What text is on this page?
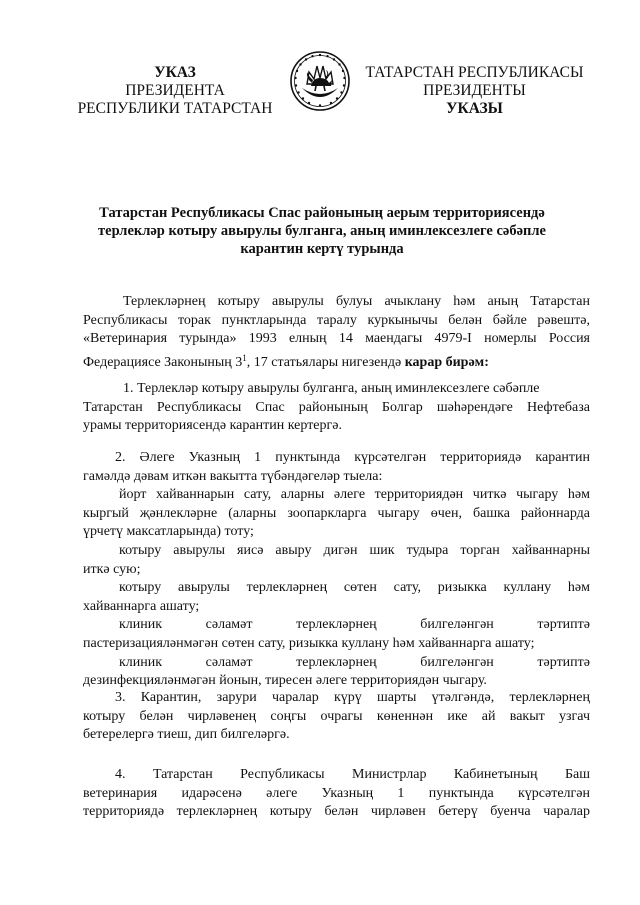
УКАЗ
ПРЕЗИДЕНТА
РЕСПУБЛИКИ ТАТАРСТАН
ТАТАРСТАН РЕСПУБЛИКАСЫ
ПРЕЗИДЕНТЫ
УКАЗЫ
Татарстан Республикасы Спас районының аерым территориясендә
терлекләр котыру авырулы булганга, аның иминлексезлеге сәбәпле
карантин кертү турында
Терлекләрнең котыру авырулы булуы ачыклану һәм аның Татарстан
Республикасы торак пунктларында таралу куркынычы белән бәйле рәвештә,
«Ветеринария турында» 1993 елның 14 маендагы 4979-I номерлы Россия
Федерациясе Законының $3^1$, 17 статьялары нигезендә карар бирәм:
1. Терлекләр котыру авырулы булганга, аның иминлексезлеге сәбәпле
Татарстан Республикасы Спас районының Болгар шәһәрендәге Нефтебаза
урамы территориясендә карантин кертергә.
2. Әлеге Указның 1 пунктында күрсәтелгән территориядә карантин
гамәлдә дәвам иткән вакытта түбәндәгеләр тыела:
йорт хайваннарын сату, аларны әлеге территориядән читкә чыгару һәм
кыргый җәнлекләрне (аларны зоопаркларга чыгару өчен, башка районнарда
үрчетү максатларында) тоту;
котыру авырулы яисә авыру дигән шик тудыра торган хайваннарны
иткә сую;
котыру авырулы терлекләрнең сөтен сату, ризыкка куллану һәм
хайваннарга ашату;
клиник сәламәт терлекләрнең билгеләнгән тәртиптә
пастеризацияләнмәгән сөтен сату, ризыкка куллану һәм хайваннарга ашату;
клиник сәламәт терлекләрнең билгеләнгән тәртиптә
дезинфекцияләнмәгән йонын, тиресен әлеге территориядән чыгару.
3. Карантин, зарури чаралар күрү шарты үтәлгәндә, терлекләрнең
котыру белән чирләвенең соңгы очрагы көненнән ике ай вакыт узгач
бетерелергә тиеш, дип билгеләргә.
4. Татарстан Республикасы Министрлар Кабинетының Баш
ветеринария идарәсенә әлеге Указның 1 пунктында күрсәтелгән
территориядә терлекләрнең котыру белән чирләвен бетерү буенча чаралар
